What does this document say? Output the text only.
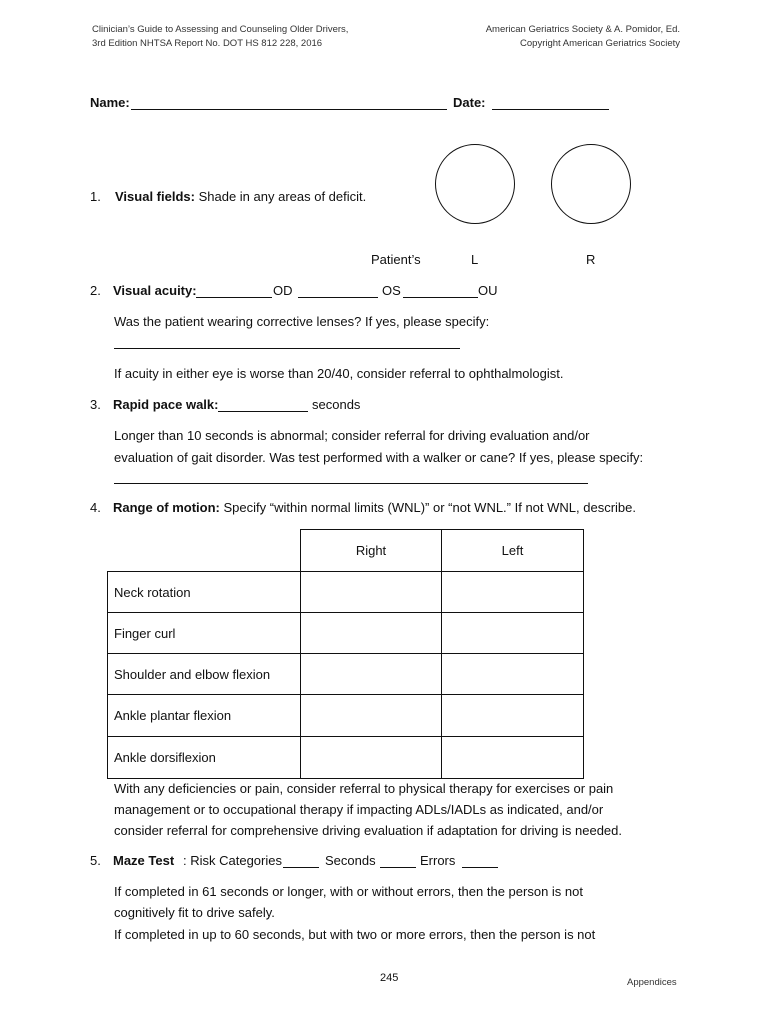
Clinician’s Guide to Assessing and Counseling Older Drivers,
3rd Edition NHTSA Report No. DOT HS 812 228, 2016
American Geriatrics Society & A. Pomidor, Ed.
Copyright American Geriatrics Society
Name:	Date:
1. Visual fields: Shade in any areas of deficit.
Patient’s	L	R
2. Visual acuity:	OD	OS	OU
Was the patient wearing corrective lenses? If yes, please specify:
If acuity in either eye is worse than 20/40, consider referral to ophthalmologist.
3. Rapid pace walk:	seconds
Longer than 10 seconds is abnormal; consider referral for driving evaluation and/or
evaluation of gait disorder. Was test performed with a walker or cane? If yes, please specify:
4. Range of motion: Specify “within normal limits (WNL)” or “not WNL.” If not WNL, describe.
	Right	Left
Neck rotation		
Finger curl		
Shoulder and elbow flexion		
Ankle plantar flexion		
Ankle dorsiflexion		
With any deficiencies or pain, consider referral to physical therapy for exercises or pain
management or to occupational therapy if impacting ADLs/IADLs as indicated, and/or
consider referral for comprehensive driving evaluation if adaptation for driving is needed.
5. Maze Test : Risk Categories	Seconds	Errors
If completed in 61 seconds or longer, with or without errors, then the person is not
cognitively fit to drive safely.
If completed in up to 60 seconds, but with two or more errors, then the person is not
245	Appendices
